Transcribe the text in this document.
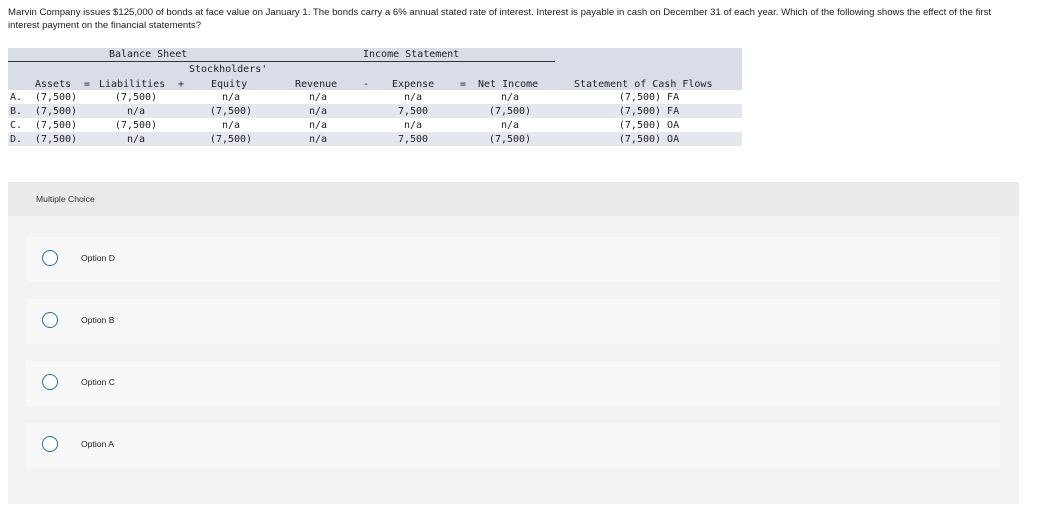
Marvin Company issues $125,000 of bonds at face value on January 1. The bonds carry a 6% annual stated rate of interest. Interest is payable in cash on December 31 of each year. Which of the following shows the effect of the first interest payment on the financial statements?
Balance Sheet	Income Statement
Stockholders'
Assets = Liabilities +	Equity	Revenue	- Expense	= Net Income	Statement of Cash Flows
A. (7,500)	(7,500)	n/a	n/a	n/a	n/a	(7,500) FA
B. (7,500)	n/a	(7,500)	n/a	7,500	(7,500)	(7,500) FA
C. (7,500)	(7,500)	n/a	n/a	n/a	n/a	(7,500) OA
D. (7,500)	n/a	(7,500)	n/a	7,500	(7,500)	(7,500) OA
Multiple Choice
Option D
Option B
Option C
Option A
